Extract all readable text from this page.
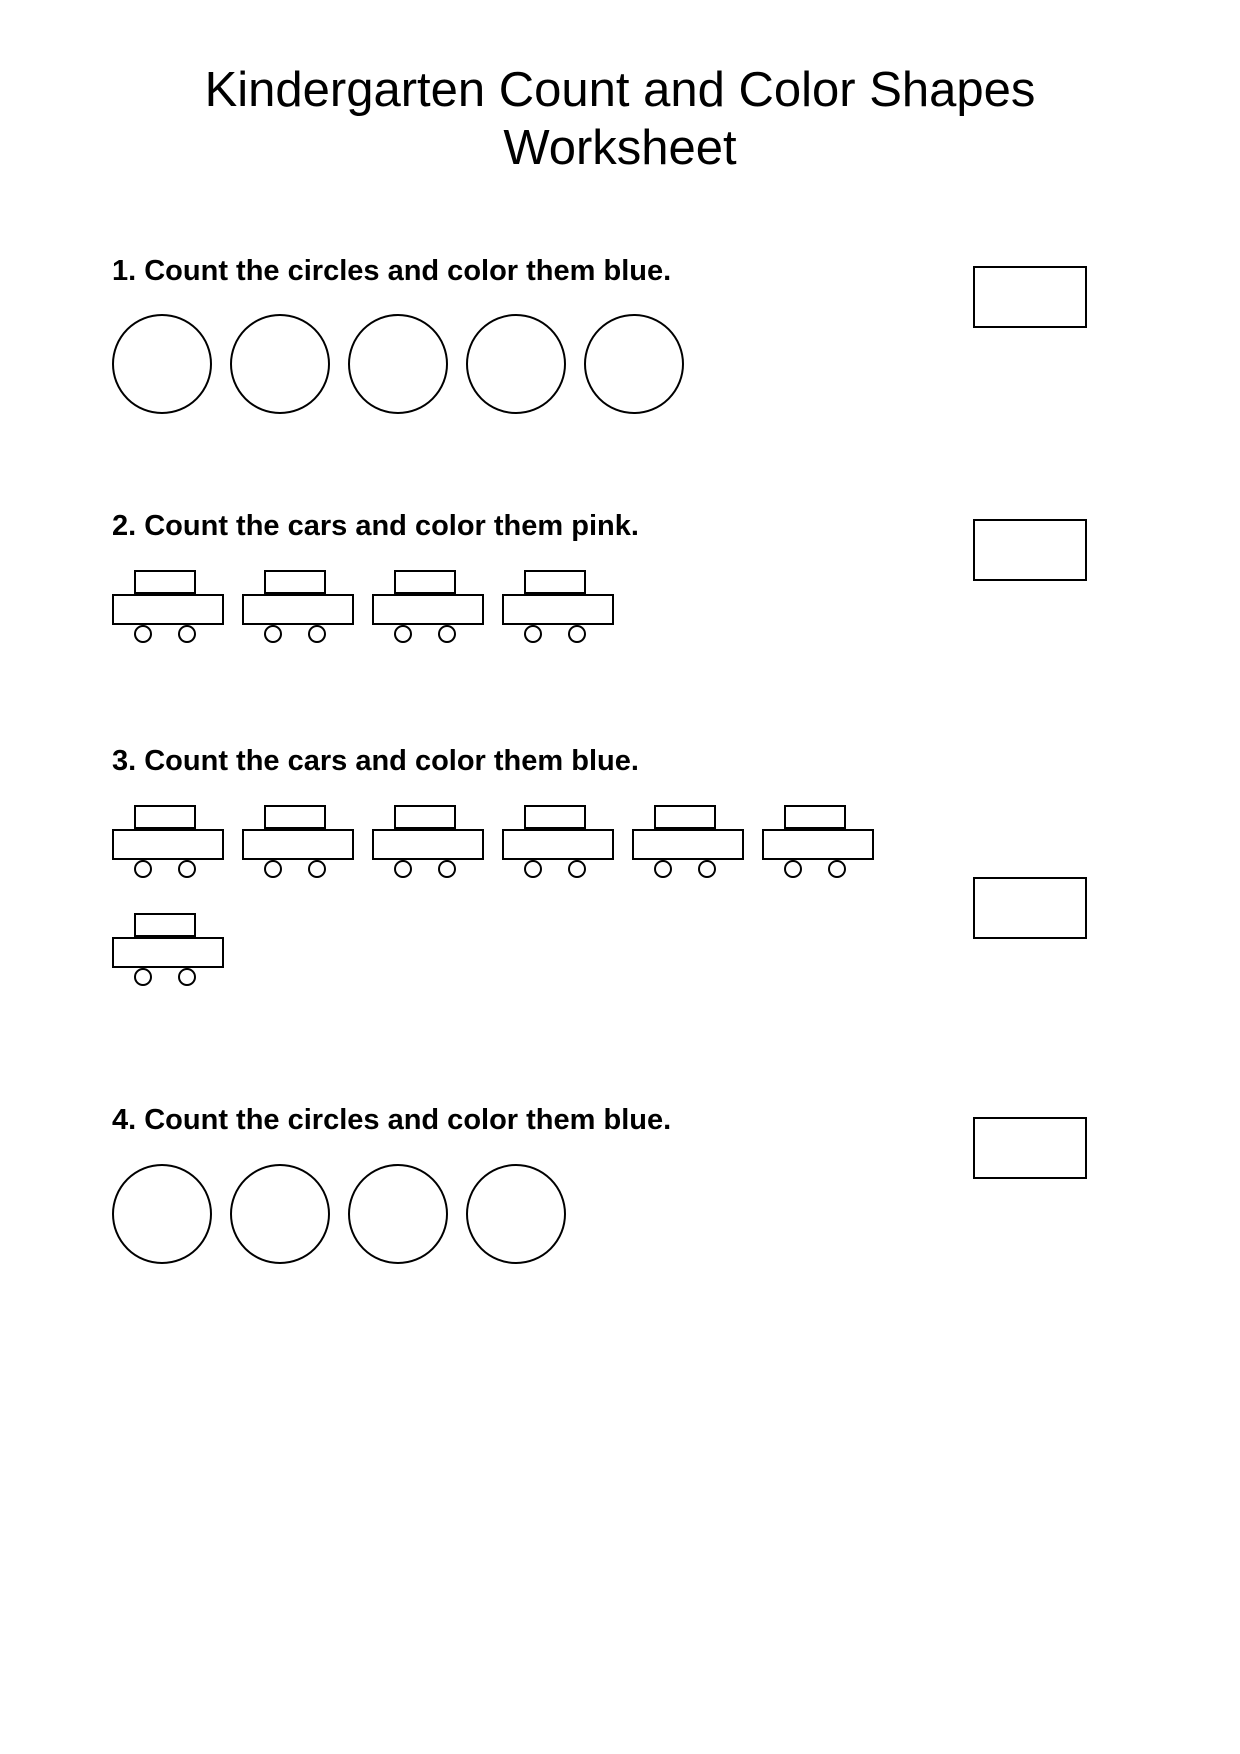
Kindergarten Count and Color Shapes Worksheet

1. Count the circles and color them blue.

2. Count the cars and color them pink.

3. Count the cars and color them blue.

4. Count the circles and color them blue.
